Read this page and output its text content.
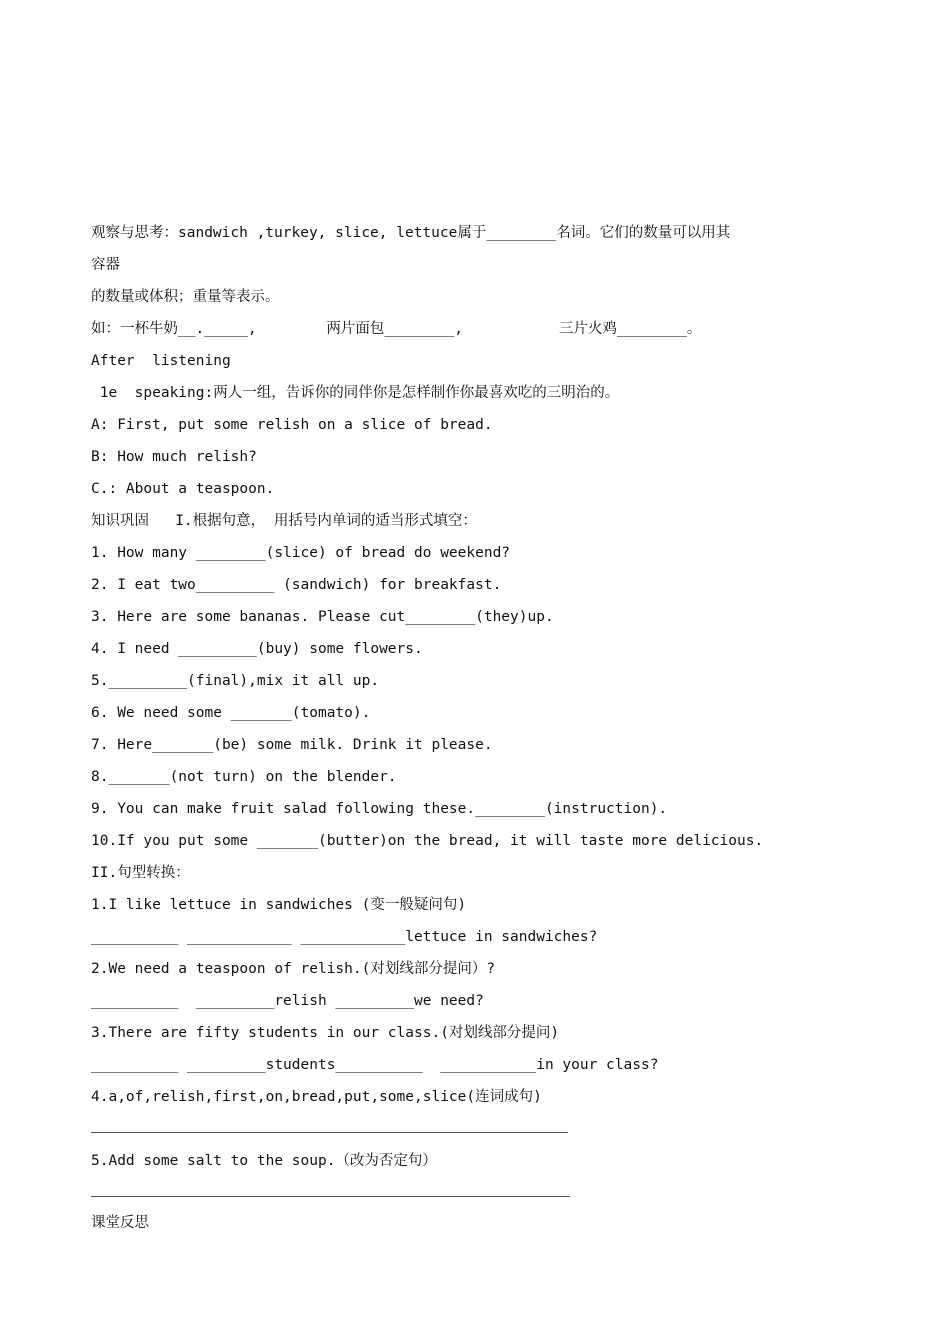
观察与思考：sandwich ,turkey, slice, lettuce属于________名词。它们的数量可以用其
容器
的数量或体积；重量等表示。
如：一杯牛奶__._____,        两片面包________,           三片火鸡________。
After  listening
1e  speaking:两人一组，告诉你的同伴你是怎样制作你最喜欢吃的三明治的。
A: First, put some relish on a slice of bread.
B: How much relish?
C.: About a teaspoon.
知识巩固   I.根据句意， 用括号内单词的适当形式填空：
1. How many ________(slice) of bread do weekend?
2. I eat two_________ (sandwich) for breakfast.
3. Here are some bananas. Please cut________(they)up.
4. I need _________(buy) some flowers.
5._________(final),mix it all up.
6. We need some _______(tomato).
7. Here_______(be) some milk. Drink it please.
8._______(not turn) on the blender.
9. You can make fruit salad following these.________(instruction).
10.If you put some _______(butter)on the bread, it will taste more delicious.
II.句型转换：
1.I like lettuce in sandwiches (变一般疑问句)
__________ ____________ ____________lettuce in sandwiches?
2.We need a teaspoon of relish.(对划线部分提问）?
__________  _________relish _________we need?
3.There are fifty students in our class.(对划线部分提问)
__________ _________students__________  ___________in your class?
4.a,of,relish,first,on,bread,put,some,slice(连词成句)
5.Add some salt to the soup.（改为否定句）
课堂反思
